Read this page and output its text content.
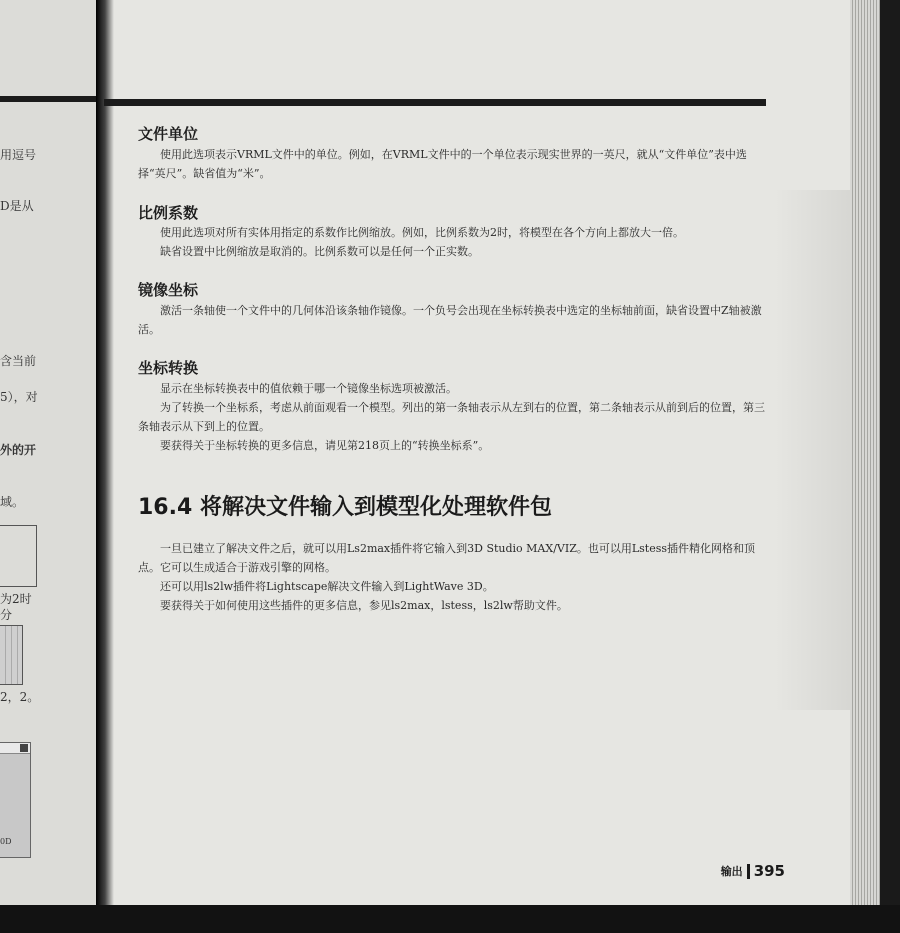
用逗号
D是从
含当前
5），对
外的开
域。
为2时
分
2，2。
0D
文件单位

使用此选项表示VRML文件中的单位。例如，在VRML文件中的一个单位表示现实世界的一英尺，就从“文件单位”表中选择“英尺”。缺省值为“米”。

比例系数

使用此选项对所有实体用指定的系数作比例缩放。例如，比例系数为2时，将模型在各个方向上都放大一倍。

缺省设置中比例缩放是取消的。比例系数可以是任何一个正实数。

镜像坐标

激活一条轴使一个文件中的几何体沿该条轴作镜像。一个负号会出现在坐标转换表中选定的坐标轴前面，缺省设置中Z轴被激活。

坐标转换

显示在坐标转换表中的值依赖于哪一个镜像坐标选项被激活。

为了转换一个坐标系，考虑从前面观看一个模型。列出的第一条轴表示从左到右的位置，第二条轴表示从前到后的位置，第三条轴表示从下到上的位置。

要获得关于坐标转换的更多信息，请见第218页上的“转换坐标系”。

16.4 将解决文件输入到模型化处理软件包

一旦已建立了解决文件之后，就可以用Ls2max插件将它输入到3D Studio MAX/VIZ。也可以用Lstess插件精化网格和顶点。它可以生成适合于游戏引擎的网格。

还可以用ls2lw插件将Lightscape解决文件输入到LightWave 3D。

要获得关于如何使用这些插件的更多信息，参见ls2max，lstess，ls2lw帮助文件。

输出 395
